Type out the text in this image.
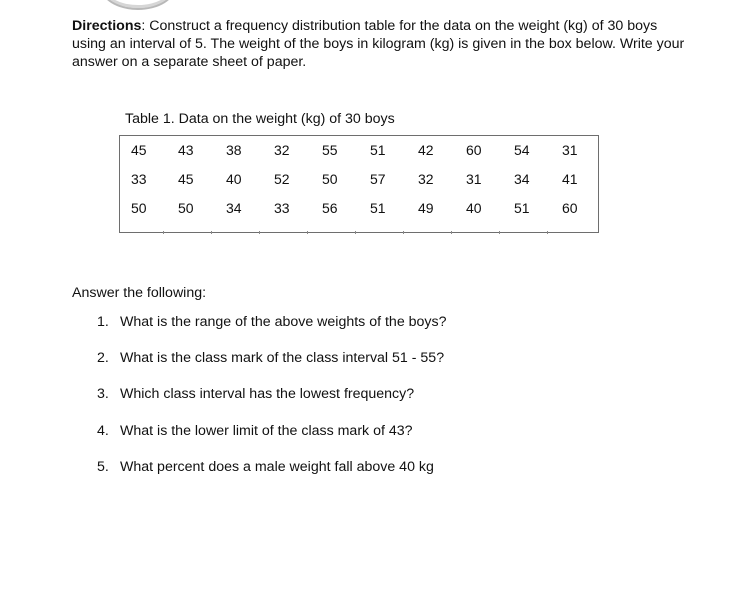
Directions: Construct a frequency distribution table for the data on the weight (kg) of 30 boys using an interval of 5. The weight of the boys in kilogram (kg) is given in the box below. Write your answer on a separate sheet of paper.
Table 1. Data on the weight (kg) of 30 boys
45	43	38	32	55	51	42	60	54	31
33	45	40	52	50	57	32	31	34	41
50	50	34	33	56	51	49	40	51	60
Answer the following:
1. What is the range of the above weights of the boys?
2. What is the class mark of the class interval 51 - 55?
3. Which class interval has the lowest frequency?
4. What is the lower limit of the class mark of 43?
5. What percent does a male weight fall above 40 kg
